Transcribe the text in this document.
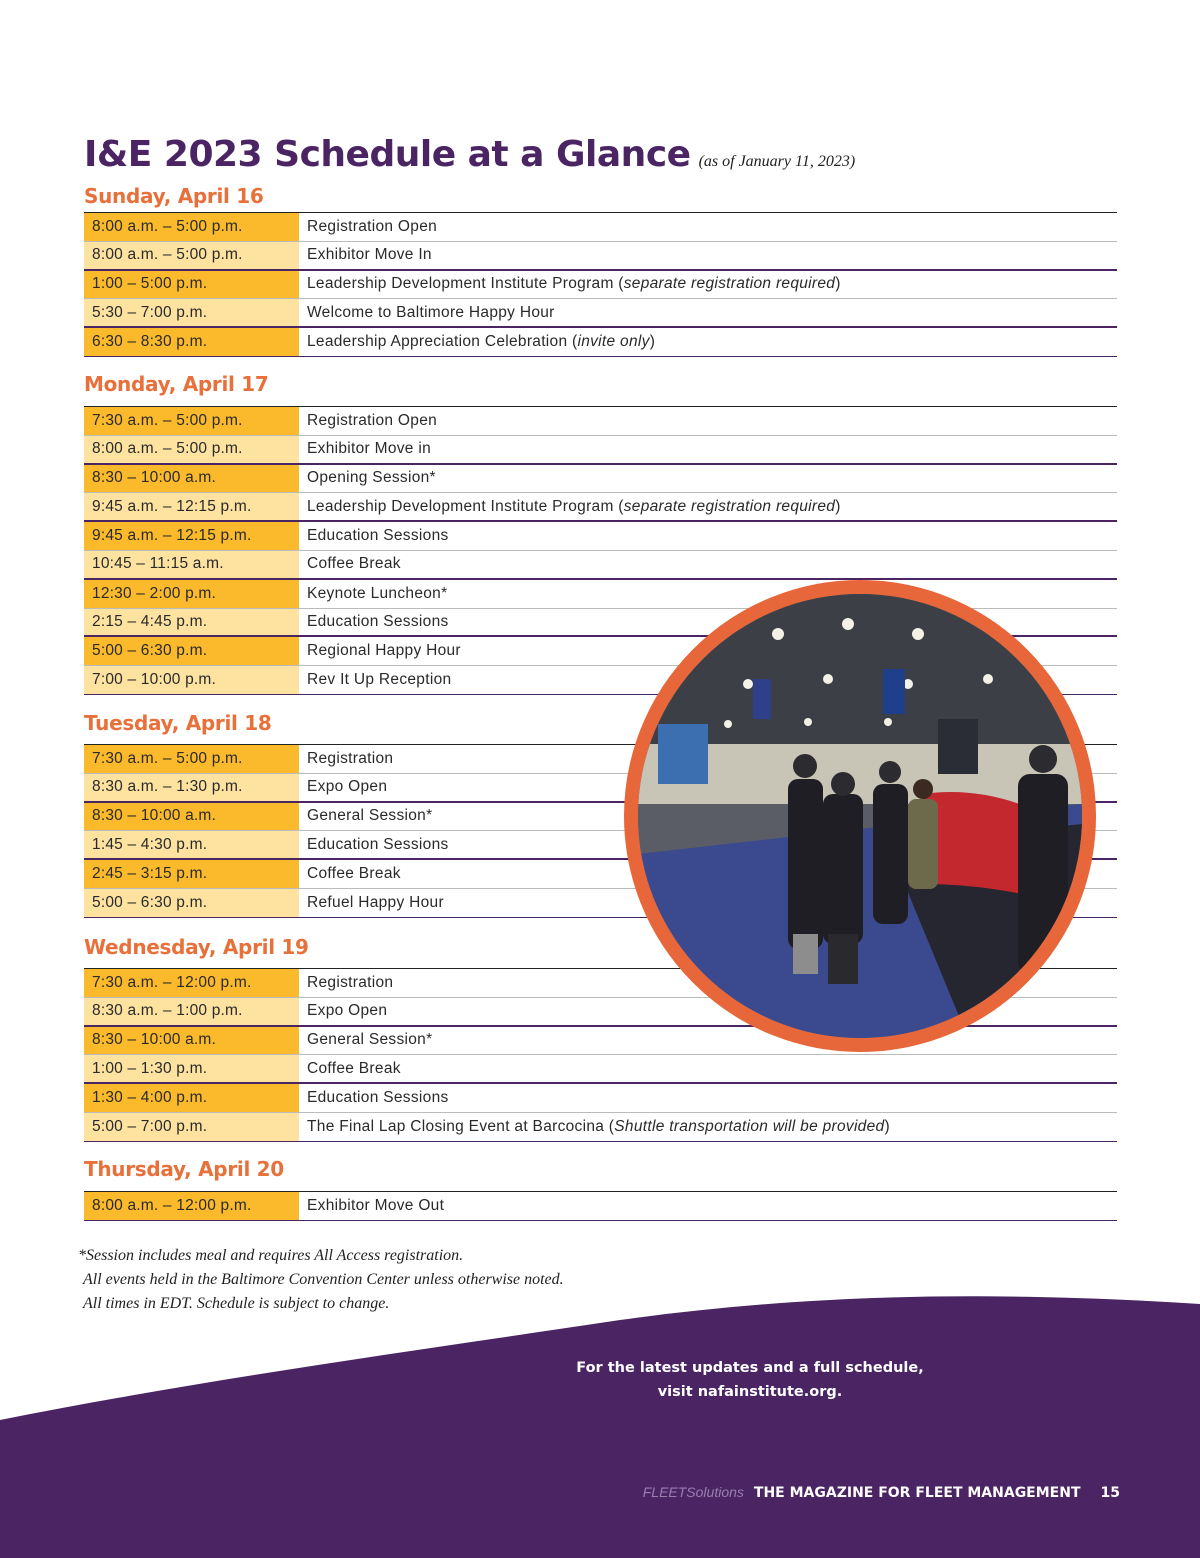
I&E 2023 Schedule at a Glance (as of January 11, 2023)
Sunday, April 16
Monday, April 17
Tuesday, April 18
Wednesday, April 19
Thursday, April 20
8:00 a.m. – 5:00 p.m.	Registration Open
8:00 a.m. – 5:00 p.m.	Exhibitor Move In
1:00 – 5:00 p.m.	Leadership Development Institute Program ( separate registration required )
5:30 – 7:00 p.m.	Welcome to Baltimore Happy Hour
6:30 – 8:30 p.m.	Leadership Appreciation Celebration ( invite only )
7:30 a.m. – 5:00 p.m.	Registration Open
8:00 a.m. – 5:00 p.m.	Exhibitor Move in
8:30 – 10:00 a.m.	Opening Session*
9:45 a.m. – 12:15 p.m.	Leadership Development Institute Program ( separate registration required )
9:45 a.m. – 12:15 p.m.	Education Sessions
10:45 – 11:15 a.m.	Coffee Break
12:30 – 2:00 p.m.	Keynote Luncheon*
2:15 – 4:45 p.m.	Education Sessions
5:00 – 6:30 p.m.	Regional Happy Hour
7:00 – 10:00 p.m.	Rev It Up Reception
7:30 a.m. – 5:00 p.m.	Registration
8:30 a.m. – 1:30 p.m.	Expo Open
8:30 – 10:00 a.m.	General Session*
1:45 – 4:30 p.m.	Education Sessions
2:45 – 3:15 p.m.	Coffee Break
5:00 – 6:30 p.m.	Refuel Happy Hour
7:30 a.m. – 12:00 p.m.	Registration
8:30 a.m. – 1:00 p.m.	Expo Open
8:30 – 10:00 a.m.	General Session*
1:00 – 1:30 p.m.	Coffee Break
1:30 – 4:00 p.m.	Education Sessions
5:00 – 7:00 p.m.	The Final Lap Closing Event at Barcocina ( Shuttle transportation will be provided )
8:00 a.m. – 12:00 p.m.	Exhibitor Move Out
*Session includes meal and requires All Access registration.
All events held in the Baltimore Convention Center unless otherwise noted.
All times in EDT. Schedule is subject to change.
For the latest updates and a full schedule,
visit nafainstitute.org.
FLEETSolutions THE MAGAZINE FOR FLEET MANAGEMENT 15
